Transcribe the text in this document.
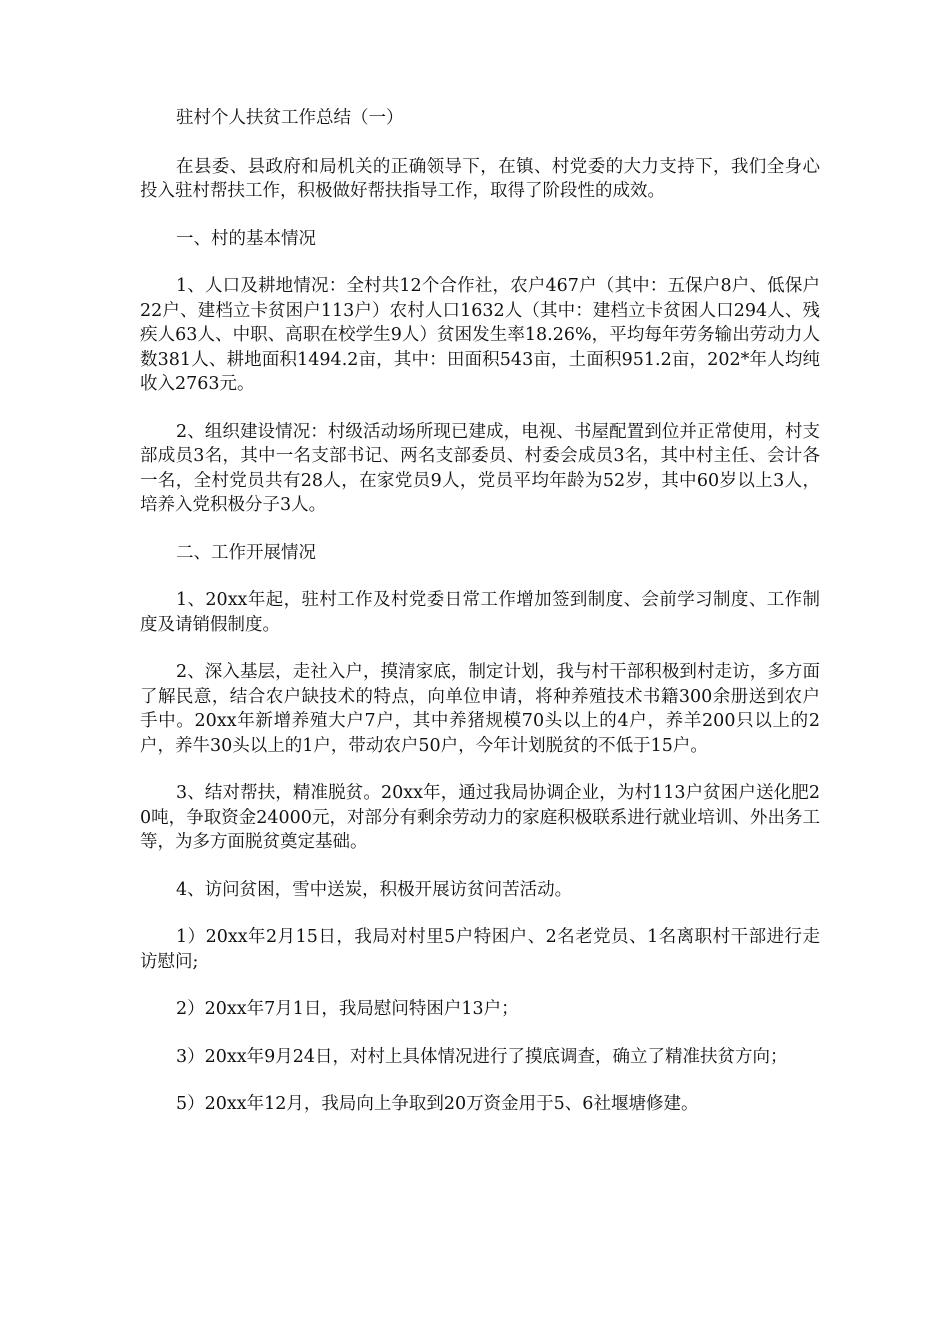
驻村个人扶贫工作总结（一）

在县委、县政府和局机关的正确领导下，在镇、村党委的大力支持下，我们全身心投入驻村帮扶工作，积极做好帮扶指导工作，取得了阶段性的成效。

一、村的基本情况

1、人口及耕地情况：全村共12个合作社，农户467户（其中：五保户8户、低保户22户、建档立卡贫困户113户）农村人口1632人（其中：建档立卡贫困人口294人、残疾人63人、中职、高职在校学生9人）贫困发生率18.26%，平均每年劳务输出劳动力人数381人、耕地面积1494.2亩，其中：田面积543亩，土面积951.2亩，202*年人均纯收入2763元。

2、组织建设情况：村级活动场所现已建成，电视、书屋配置到位并正常使用，村支部成员3名，其中一名支部书记、两名支部委员、村委会成员3名，其中村主任、会计各一名，全村党员共有28人，在家党员9人，党员平均年龄为52岁，其中60岁以上3人，培养入党积极分子3人。

二、工作开展情况

1、20xx年起，驻村工作及村党委日常工作增加签到制度、会前学习制度、工作制度及请销假制度。

2、深入基层，走社入户，摸清家底，制定计划，我与村干部积极到村走访，多方面了解民意，结合农户缺技术的特点，向单位申请，将种养殖技术书籍300余册送到农户手中。20xx年新增养殖大户7户，其中养猪规模70头以上的4户，养羊200只以上的2户，养牛30头以上的1户，带动农户50户，今年计划脱贫的不低于15户。

3、结对帮扶，精准脱贫。20xx年，通过我局协调企业，为村113户贫困户送化肥20吨，争取资金24000元，对部分有剩余劳动力的家庭积极联系进行就业培训、外出务工等，为多方面脱贫奠定基础。

4、访问贫困，雪中送炭，积极开展访贫问苦活动。

1）20xx年2月15日，我局对村里5户特困户、2名老党员、1名离职村干部进行走访慰问;

2）20xx年7月1日，我局慰问特困户13户；

3）20xx年9月24日，对村上具体情况进行了摸底调查，确立了精准扶贫方向；

5）20xx年12月，我局向上争取到20万资金用于5、6社堰塘修建。
